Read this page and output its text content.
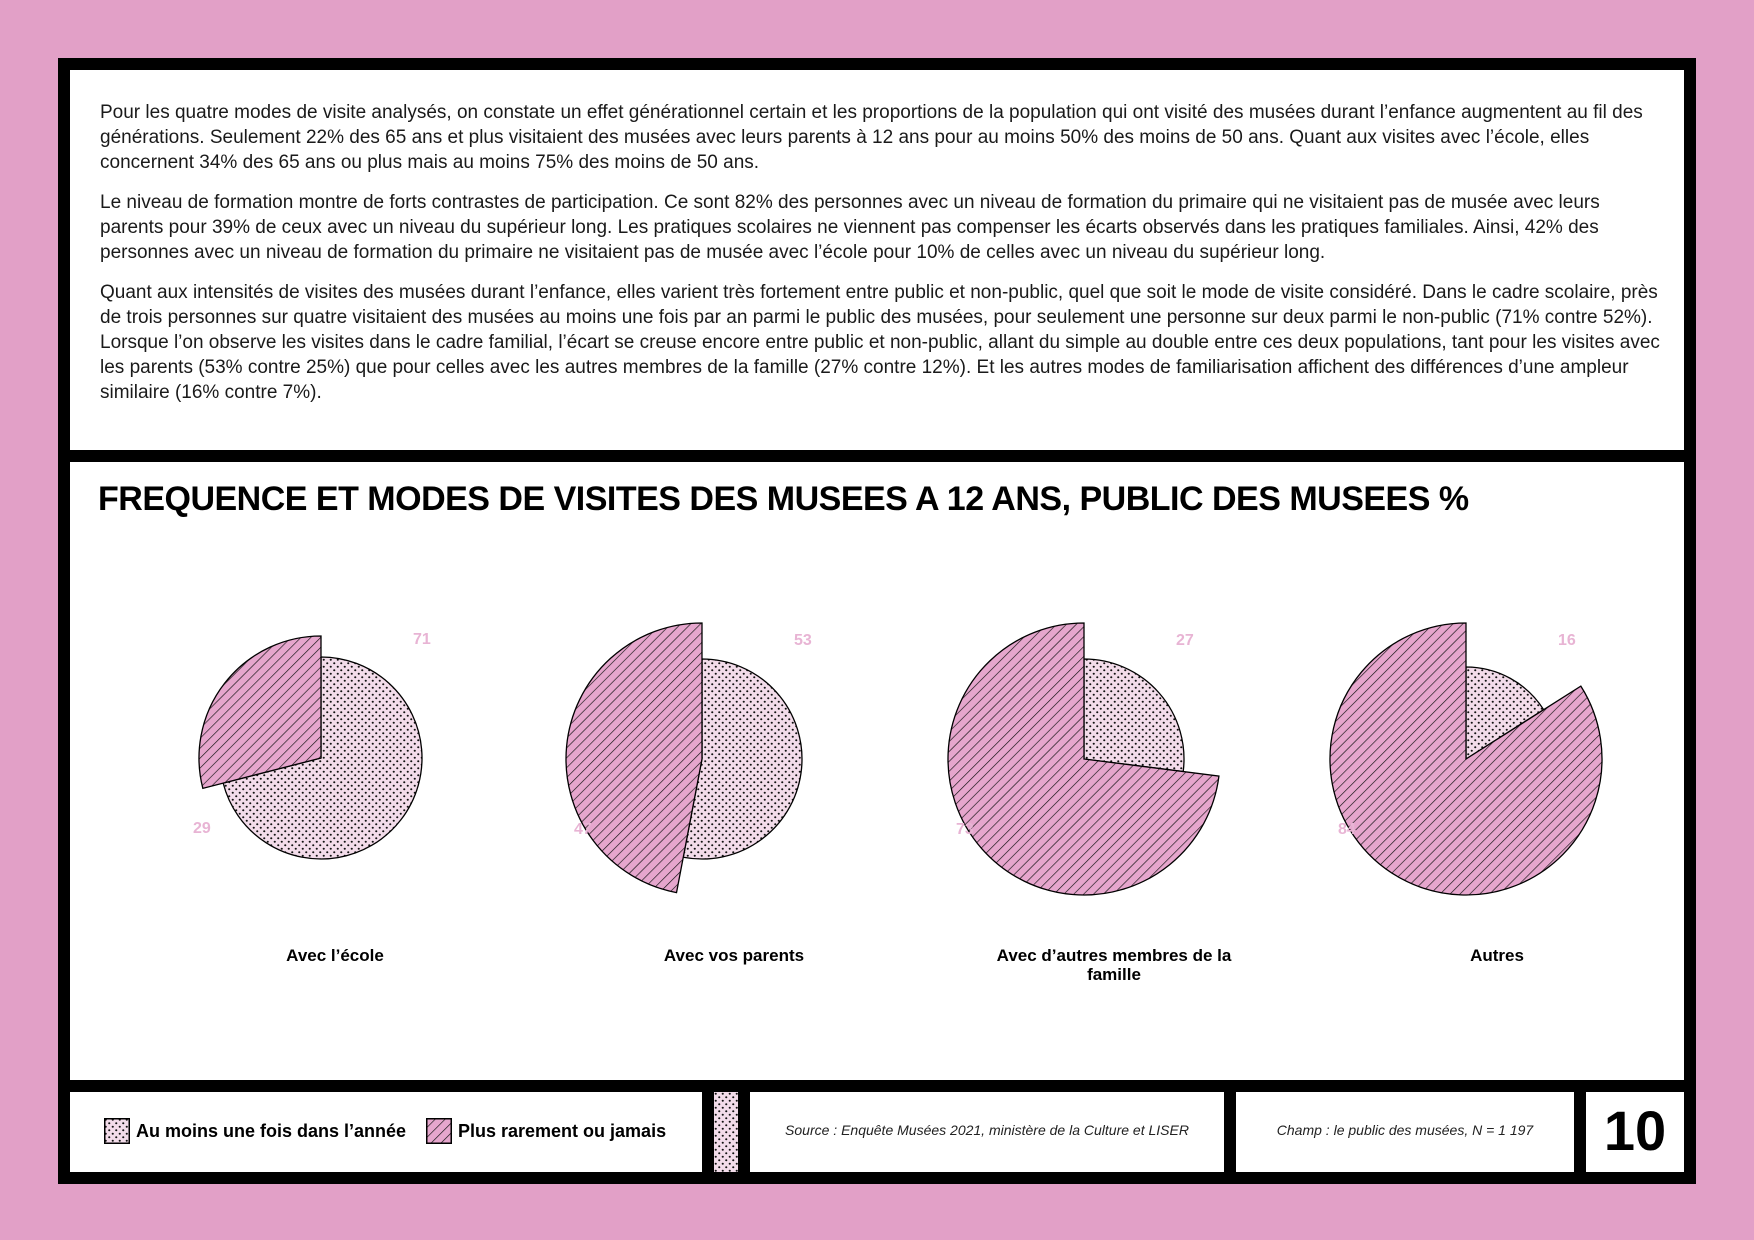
Pour les quatre modes de visite analysés, on constate un effet générationnel certain et les proportions de la population qui ont visité des musées durant l’enfance augmentent au fil des générations. Seulement 22% des 65 ans et plus visitaient des musées avec leurs parents à 12 ans pour au moins 50% des moins de 50 ans. Quant aux visites avec l’école, elles concernent 34% des 65 ans ou plus mais au moins 75% des moins de 50 ans.

Le niveau de formation montre de forts contrastes de participation. Ce sont 82% des personnes avec un niveau de formation du primaire qui ne visitaient pas de musée avec leurs parents pour 39% de ceux avec un niveau du supérieur long. Les pratiques scolaires ne viennent pas compenser les écarts observés dans les pratiques familiales. Ainsi, 42% des personnes avec un niveau de formation du primaire ne visitaient pas de musée avec l’école pour 10% de celles avec un niveau du supérieur long.

Quant aux intensités de visites des musées durant l’enfance, elles varient très fortement entre public et non-public, quel que soit le mode de visite considéré. Dans le cadre scolaire, près de trois personnes sur quatre visitaient des musées au moins une fois par an parmi le public des musées, pour seulement une personne sur deux parmi le non-public (71% contre 52%). Lorsque l’on observe les visites dans le cadre familial, l’écart se creuse encore entre public et non-public, allant du simple au double entre ces deux populations, tant pour les visites avec les parents (53% contre 25%) que pour celles avec les autres membres de la famille (27% contre 12%). Et les autres modes de familiarisation affichent des différences d’une ampleur similaire (16% contre 7%).

FREQUENCE ET MODES DE VISITES DES MUSEES A 12 ANS, PUBLIC DES MUSEES %
71
29
53
47
27
73
16
84
Avec l’école	Avec vos parents	Avec d’autres membres de la famille
Autres
Au moins une fois dans l’année	Plus rarement ou jamais	Source : Enquête Musées 2021, ministère de la Culture et LISER	Champ : le public des musées, N = 1 197	10
